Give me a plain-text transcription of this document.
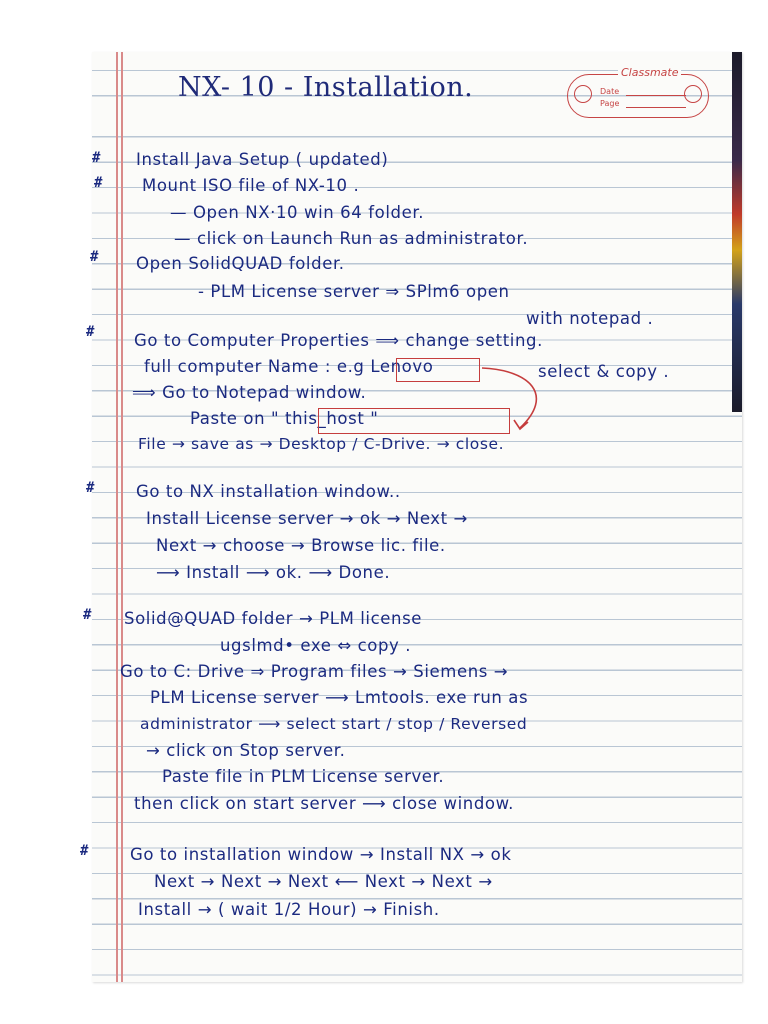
NX- 10 - Installation.	Classmate
Date
Page
#
#
#
#
#
#
#
Install Java Setup ( updated)
Mount ISO file of NX-10 .
— Open NX·10 win 64 folder.
— click on Launch Run as administrator.
Open SolidQUAD folder.
- PLM License server ⇒ SPlm6 open
with notepad .
Go to Computer Properties ⟹ change setting.
full computer Name : e.g Lenovo	select & copy .
⟹ Go to Notepad window.
Paste on " this_host "
File → save as → Desktop / C-Drive. → close.
Go to NX installation window..
Install License server → ok → Next →
Next → choose → Browse lic. file.
⟶ Install ⟶ ok. ⟶ Done.
Solid@QUAD folder → PLM license
ugslmd• exe ⇔ copy .
Go to C: Drive ⇒ Program files → Siemens →
PLM License server ⟶ Lmtools. exe run as
administrator ⟶ select start / stop / Reversed
→ click on Stop server.
Paste file in PLM License server.
then click on start server ⟶ close window.
Go to installation window → Install NX → ok
Next → Next → Next ⟵ Next → Next →
Install → ( wait 1/2 Hour) → Finish.
